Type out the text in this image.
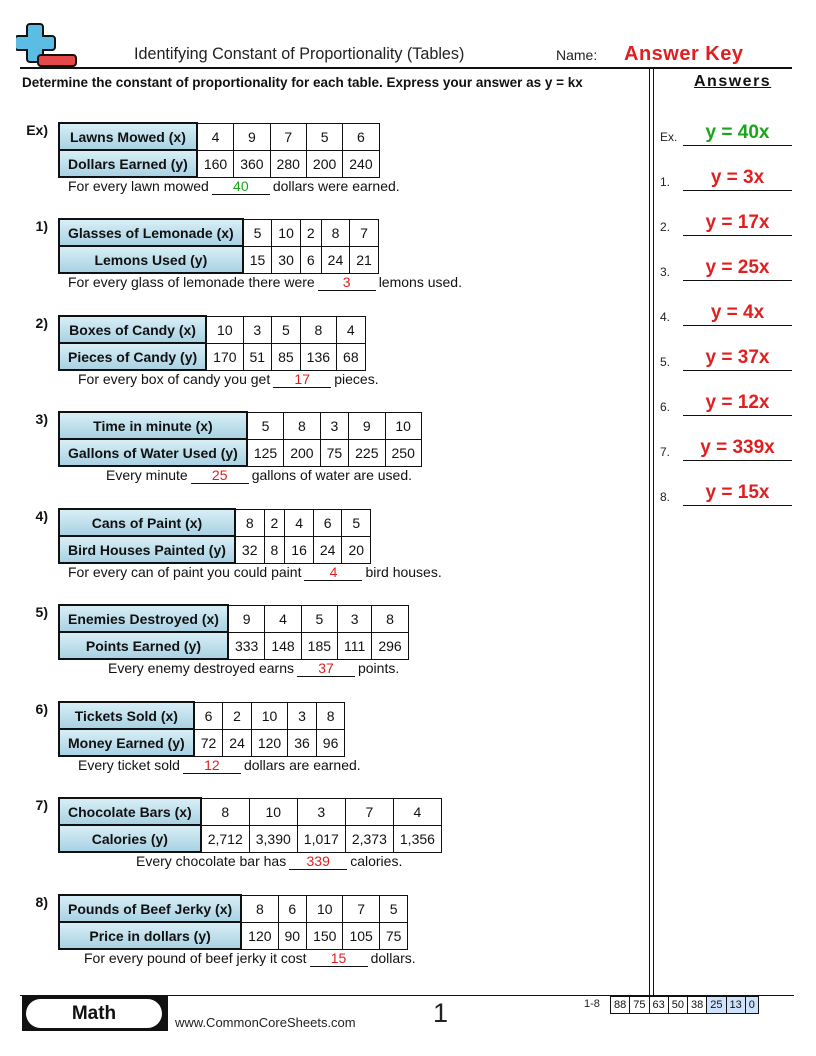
Identifying Constant of Proportionality (Tables)	Name: Answer Key
Determine the constant of proportionality for each table. Express your answer as y = kx	Answers
Ex.	y = 40x
1.	y = 3x
2.	y = 17x
3.	y = 25x
4.	y = 4x
5.	y = 37x
6.	y = 12x
7.	y = 339x
8.	y = 15x
Ex) Lawns Mowed (x)	4	9	7	5	6
Dollars Earned (y)	160	360	280	200	240
For every lawn mowed 40 dollars were earned.
1) Glasses of Lemonade (x)	5	10	2	8	7
Lemons Used (y)	15	30	6	24	21
For every glass of lemonade there were 3 lemons used.
2) Boxes of Candy (x)	10	3	5	8	4
Pieces of Candy (y)	170	51	85	136	68
For every box of candy you get 17 pieces.
3)	Time in minute (x)	5	8	3	9	10
Gallons of Water Used (y)	125	200	75	225	250
Every minute 25 gallons of water are used.
4)	Cans of Paint (x)	8	2	4	6	5
Bird Houses Painted (y)	32	8	16	24	20
For every can of paint you could paint 4 bird houses.
5) Enemies Destroyed (x)	9	4	5	3	8
Points Earned (y)	333	148	185	111	296
Every enemy destroyed earns 37 points.
6) Tickets Sold (x)	6	2	10	3	8
Money Earned (y)	72	24	120	36	96
Every ticket sold 12 dollars are earned.
7) Chocolate Bars (x)	8	10	3	7	4
Calories (y)	2,712	3,390	1,017	2,373	1,356
Every chocolate bar has 339 calories.
8) Pounds of Beef Jerky (x)	8	6	10	7	5
Price in dollars (y)	120	90	150	105	75
For every pound of beef jerky it cost 15 dollars.
Math	www.CommonCoreSheets.com	1	1-8 88	75	63	50	38	25	13	0
